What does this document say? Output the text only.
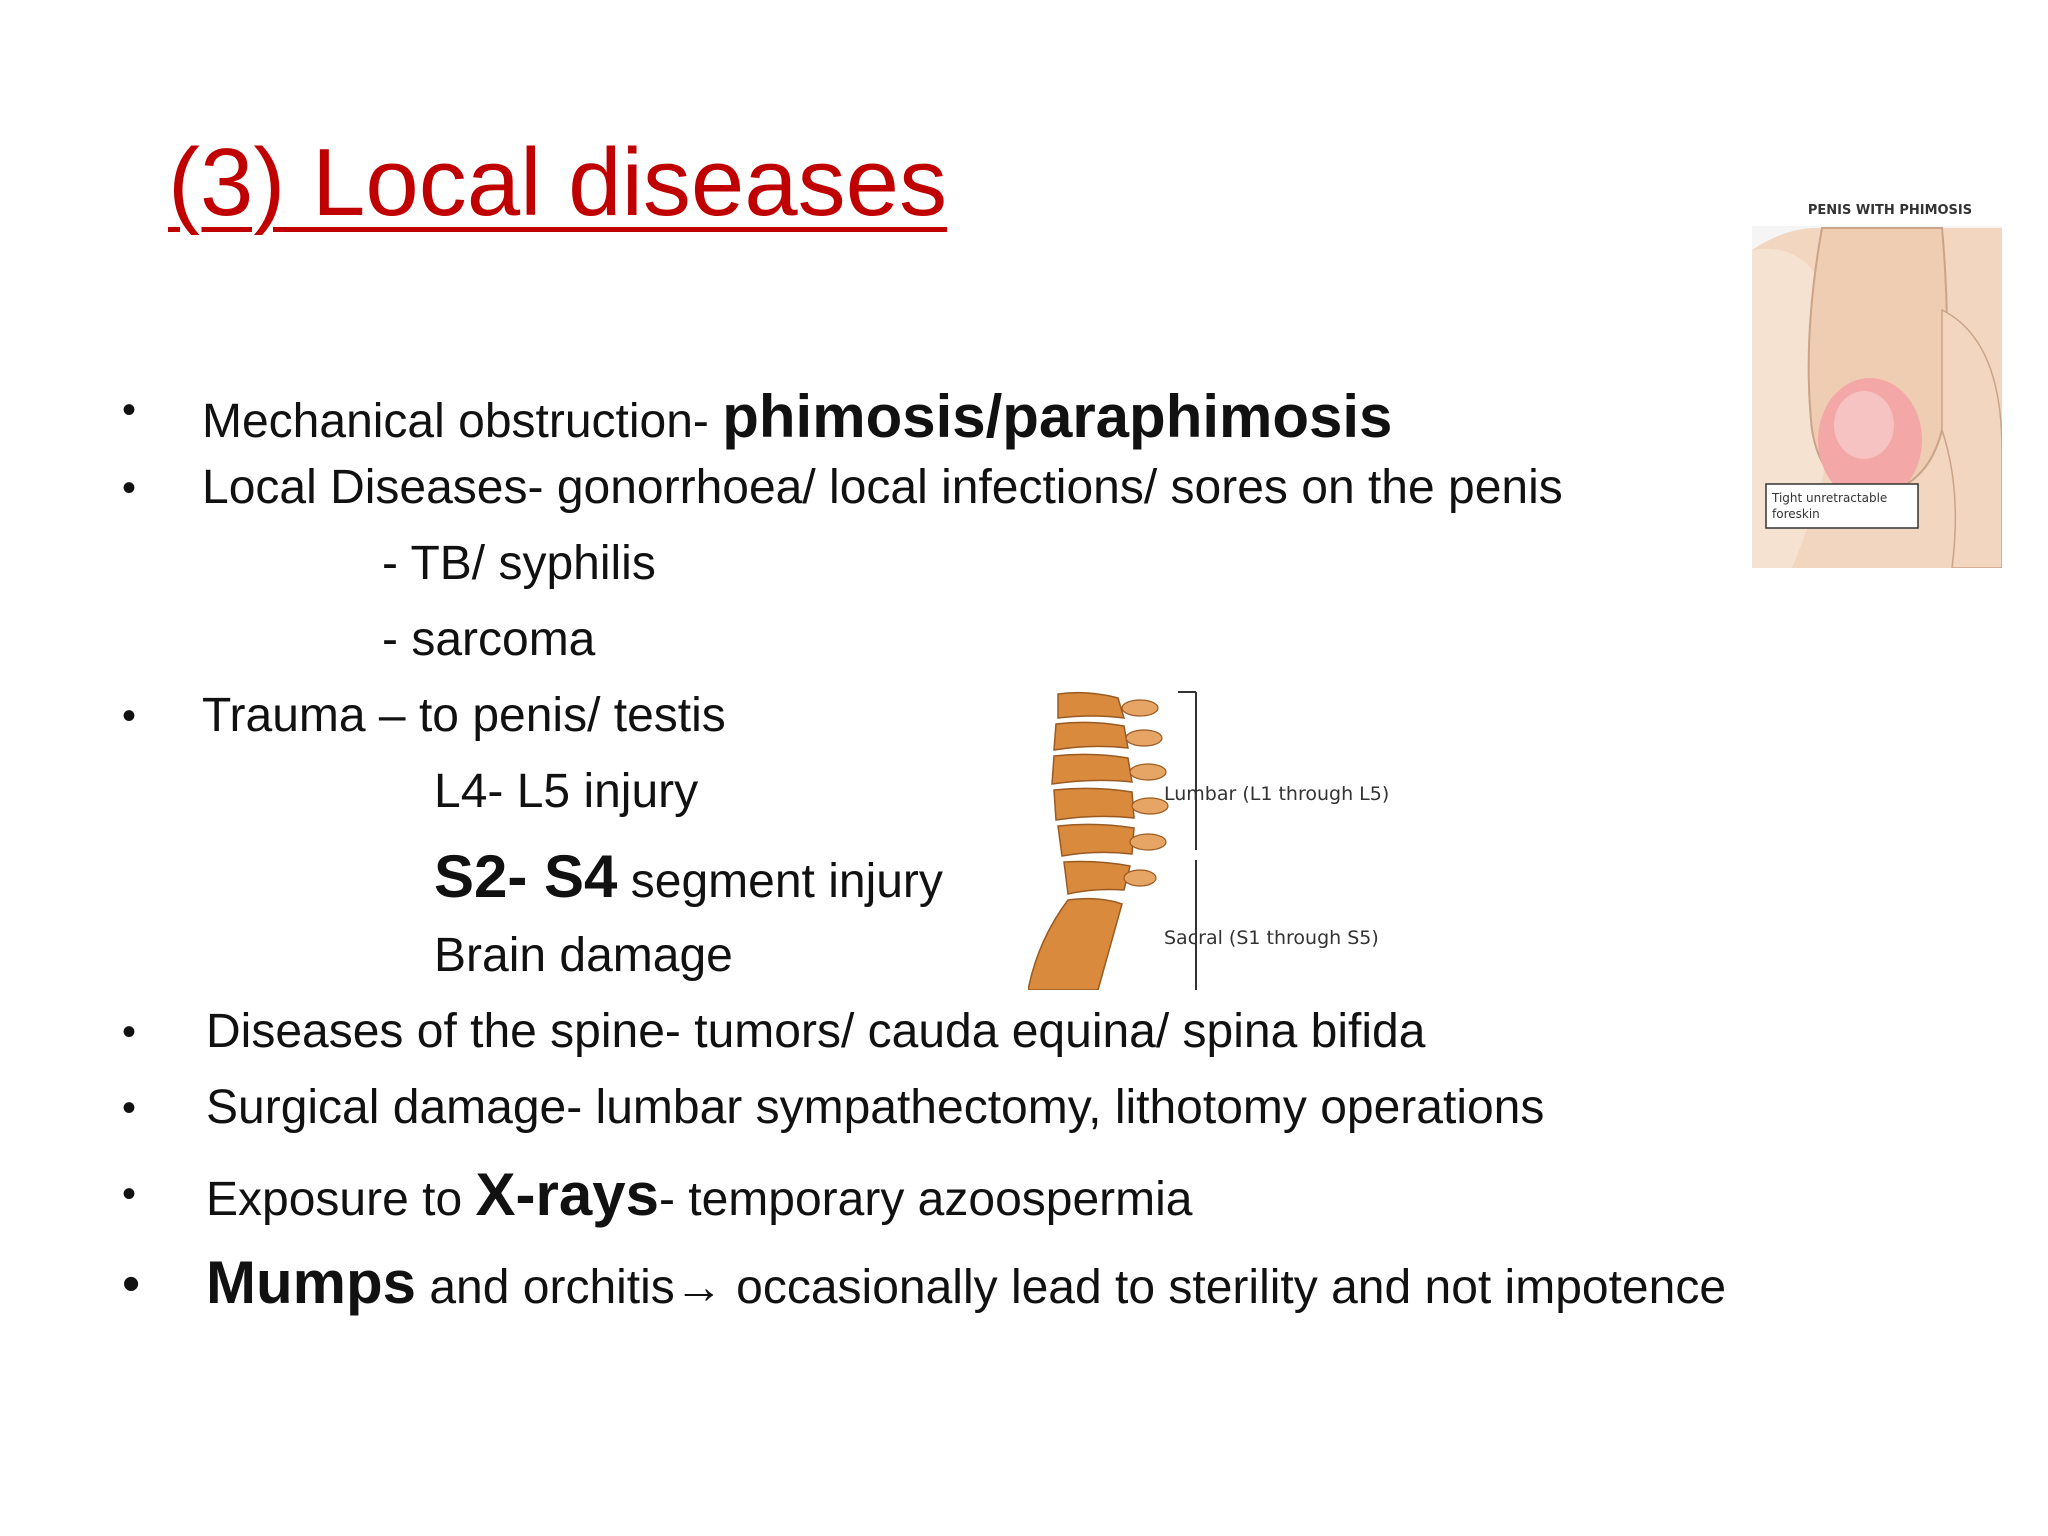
(3) Local diseases
• Mechanical obstruction- phimosis/paraphimosis
• Local Diseases- gonorrhoea/ local infections/ sores on the penis
- TB/ syphilis
- sarcoma
• Trauma – to penis/ testis
L4- L5 injury
S2- S4 segment injury
Brain damage
• Diseases of the spine- tumors/ cauda equina/ spina bifida
• Surgical damage- lumbar sympathectomy, lithotomy operations
• Exposure to X-rays- temporary azoospermia
• Mumps and orchitis→ occasionally lead to sterility and not impotence
PENIS WITH PHIMOSIS
Tight unretractable
foreskin
Lumbar (L1 through L5)
Sacral (S1 through S5)
